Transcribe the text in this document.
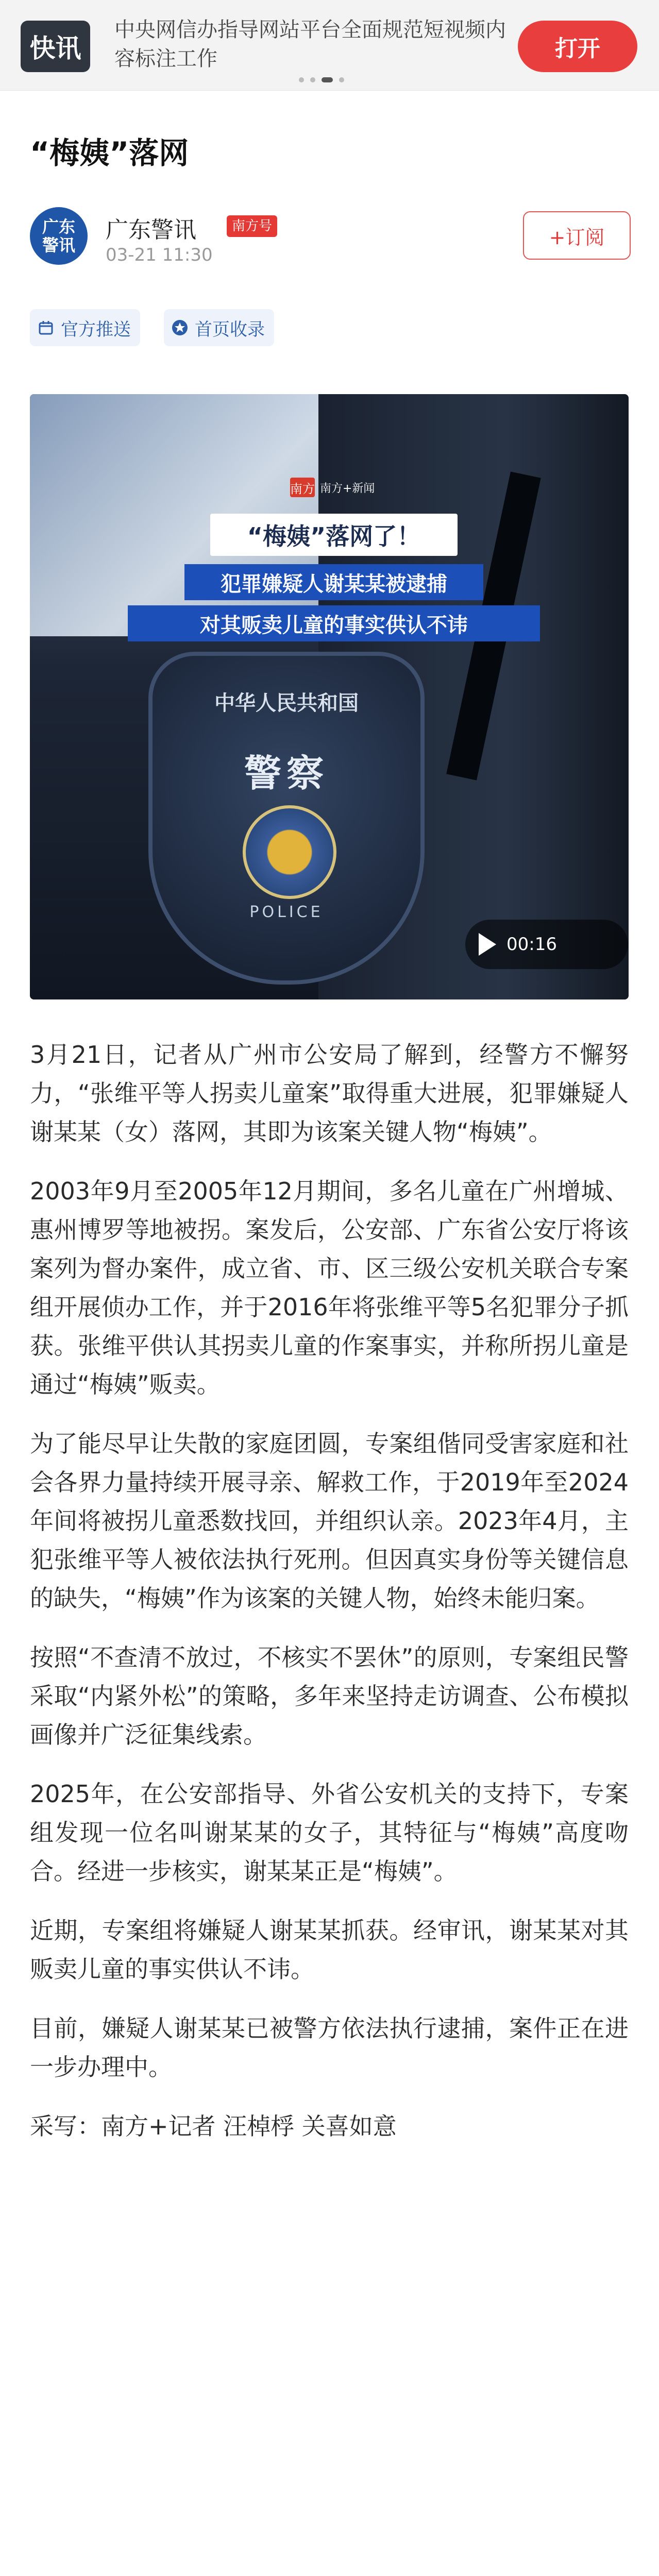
快讯
中央网信办指导网站平台全面规范短视频内容标注工作	打开
“梅姨”落网
广东警讯
广东警讯	南方号
03-21 11:30
+订阅
官方推送	首页收录
中华人民共和国
警察
POLICE
南方 南方+新闻
“梅姨”落网了！
犯罪嫌疑人谢某某被逮捕
对其贩卖儿童的事实供认不讳
00:16

3月21日，记者从广州市公安局了解到，经警方不懈努力，“张维平等人拐卖儿童案”取得重大进展，犯罪嫌疑人谢某某（女）落网，其即为该案关键人物“梅姨”。

2003年9月至2005年12月期间，多名儿童在广州增城、惠州博罗等地被拐。案发后，公安部、广东省公安厅将该案列为督办案件，成立省、市、区三级公安机关联合专案组开展侦办工作，并于2016年将张维平等5名犯罪分子抓获。张维平供认其拐卖儿童的作案事实，并称所拐儿童是通过“梅姨”贩卖。

为了能尽早让失散的家庭团圆，专案组偕同受害家庭和社会各界力量持续开展寻亲、解救工作，于2019年至2024年间将被拐儿童悉数找回，并组织认亲。2023年4月，主犯张维平等人被依法执行死刑。但因真实身份等关键信息的缺失，“梅姨”作为该案的关键人物，始终未能归案。

按照“不查清不放过，不核实不罢休”的原则，专案组民警采取“内紧外松”的策略，多年来坚持走访调查、公布模拟画像并广泛征集线索。

2025年，在公安部指导、外省公安机关的支持下，专案组发现一位名叫谢某某的女子，其特征与“梅姨”高度吻合。经进一步核实，谢某某正是“梅姨”。

近期，专案组将嫌疑人谢某某抓获。经审讯，谢某某对其贩卖儿童的事实供认不讳。

目前，嫌疑人谢某某已被警方依法执行逮捕，案件正在进一步办理中。

采写：南方+记者 汪棹桴 关喜如意
